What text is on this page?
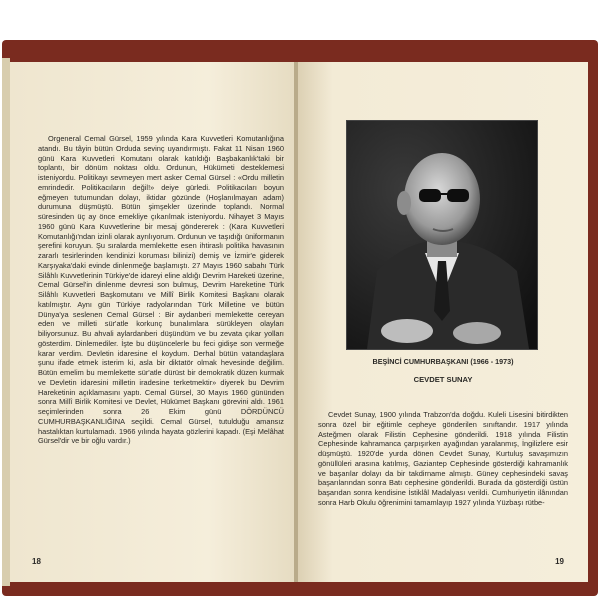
Orgeneral Cemal Gürsel, 1959 yılında Kara Kuvvetleri Komutanlığına atandı. Bu tâyin bütün Orduda sevinç uyandırmıştı. Fakat 11 Nisan 1960 günü Kara Kuvvetleri Komutanı olarak katıldığı Başbakanlık'taki bir toplantı, bir dönüm noktası oldu. Ordunun, Hükümeti desteklemesi isteniyordu. Politikayı sevmeyen mert asker Cemal Gürsel : «Ordu milletin emrindedir. Politikacıların değil!» deiye gürledi. Politikacıları boyun eğmeyen tutumundan dolayı, iktidar gözünde (Hoşlanılmayan adam) durumuna düşmüştü. Bütün şimşekler üzerinde toplandı. Normal süresinden üç ay önce emekliye çıkarılmak isteniyordu. Nihayet 3 Mayıs 1960 günü Kara Kuvvetlerine bir mesaj göndererek : (Kara Kuvvetleri Komutanlığı'ndan izinli olarak ayrılıyorum. Ordunun ve taşıdığı üniformanın şerefini koruyun. Şu sıralarda memlekette esen ihtiraslı politika havasının zararlı tesirlerinden kendinizi koruması bilinizi) demiş ve İzmir'e giderek Karşıyaka'daki evinde dinlenmeğe başlamıştı. 27 Mayıs 1960 sabahı Türk Silâhlı Kuvvetlerinin Türkiye'de idareyi eline aldığı Devrim Hareketi üzerine, Cemal Gürsel'in dinlenme devresi son bulmuş, Devrim Hareketine Türk Silâhlı Kuvvetleri Başkomutanı ve Millî Birlik Komitesi Başkanı olarak katılmıştır. Aynı gün Türkiye radyolarından Türk Milletine ve bütün Dünya'ya seslenen Cemal Gürsel : Bir aydanberi memlekette cereyan eden ve milleti sür'atle korkunç bunalımlara sürükleyen olayları biliyorsunuz. Bu ahvali aylardanberi düşündüm ve bu zevata çıkar yolları gösterdim. Dinlemediler. İşte bu düşüncelerle bu feci gidişe son vermeğe karar verdim. Devletin idaresine el koydum. Derhal bütün vatandaşlara şunu ifade etmek isterim ki, asla bir diktatör olmak hevesinde değilim. Bütün emelim bu memlekette sür'atle dürüst bir demokratik düzen kurmak ve Devletin idaresini milletin iradesine terketmektir» diyerek bu Devrim Hareketinin açıklamasını yaptı. Cemal Gürsel, 30 Mayıs 1960 gününden sonra Millî Birlik Komitesi ve Devlet, Hükümet Başkanı görevini aldı. 1961 seçimlerinden sonra 26 Ekim günü DÖRDÜNCÜ CUMHURBAŞKANLIĞINA seçildi. Cemal Gürsel, tutulduğu amansız hastalıktan kurtulamadı. 1966 yılında hayata gözlerini kapadı. (Eşi Melâhat Gürsel'dir ve bir oğlu vardır.)

18
BEŞİNCİ CUMHURBAŞKANI (1966 - 1973)
CEVDET SUNAY

Cevdet Sunay, 1900 yılında Trabzon'da doğdu. Kuleli Lisesini bitirdikten sonra özel bir eğitimle cepheye gönderilen sınıftandır. 1917 yılında Asteğmen olarak Filistin Cephesine gönderildi. 1918 yılında Filistin Cephesinde kahramanca çarpışırken ayağından yaralanmış, İngilizlere esir düşmüştü. 1920'de yurda dönen Cevdet Sunay, Kurtuluş savaşımızın gönüllüleri arasına katılmış, Gaziantep Cephesinde gösterdiği kahramanlık ve başarılar dolayı da bir takdirname almıştı. Güney cephesindeki savaş başarılarından sonra Batı cephesine gönderildi. Burada da gösterdiği üstün başarıdan sonra kendisine İstiklâl Madalyası verildi. Cumhuriyetin ilânından sonra Harb Okulu öğrenimini tamamlayıp 1927 yılında Yüzbaşı rütbe-

19
